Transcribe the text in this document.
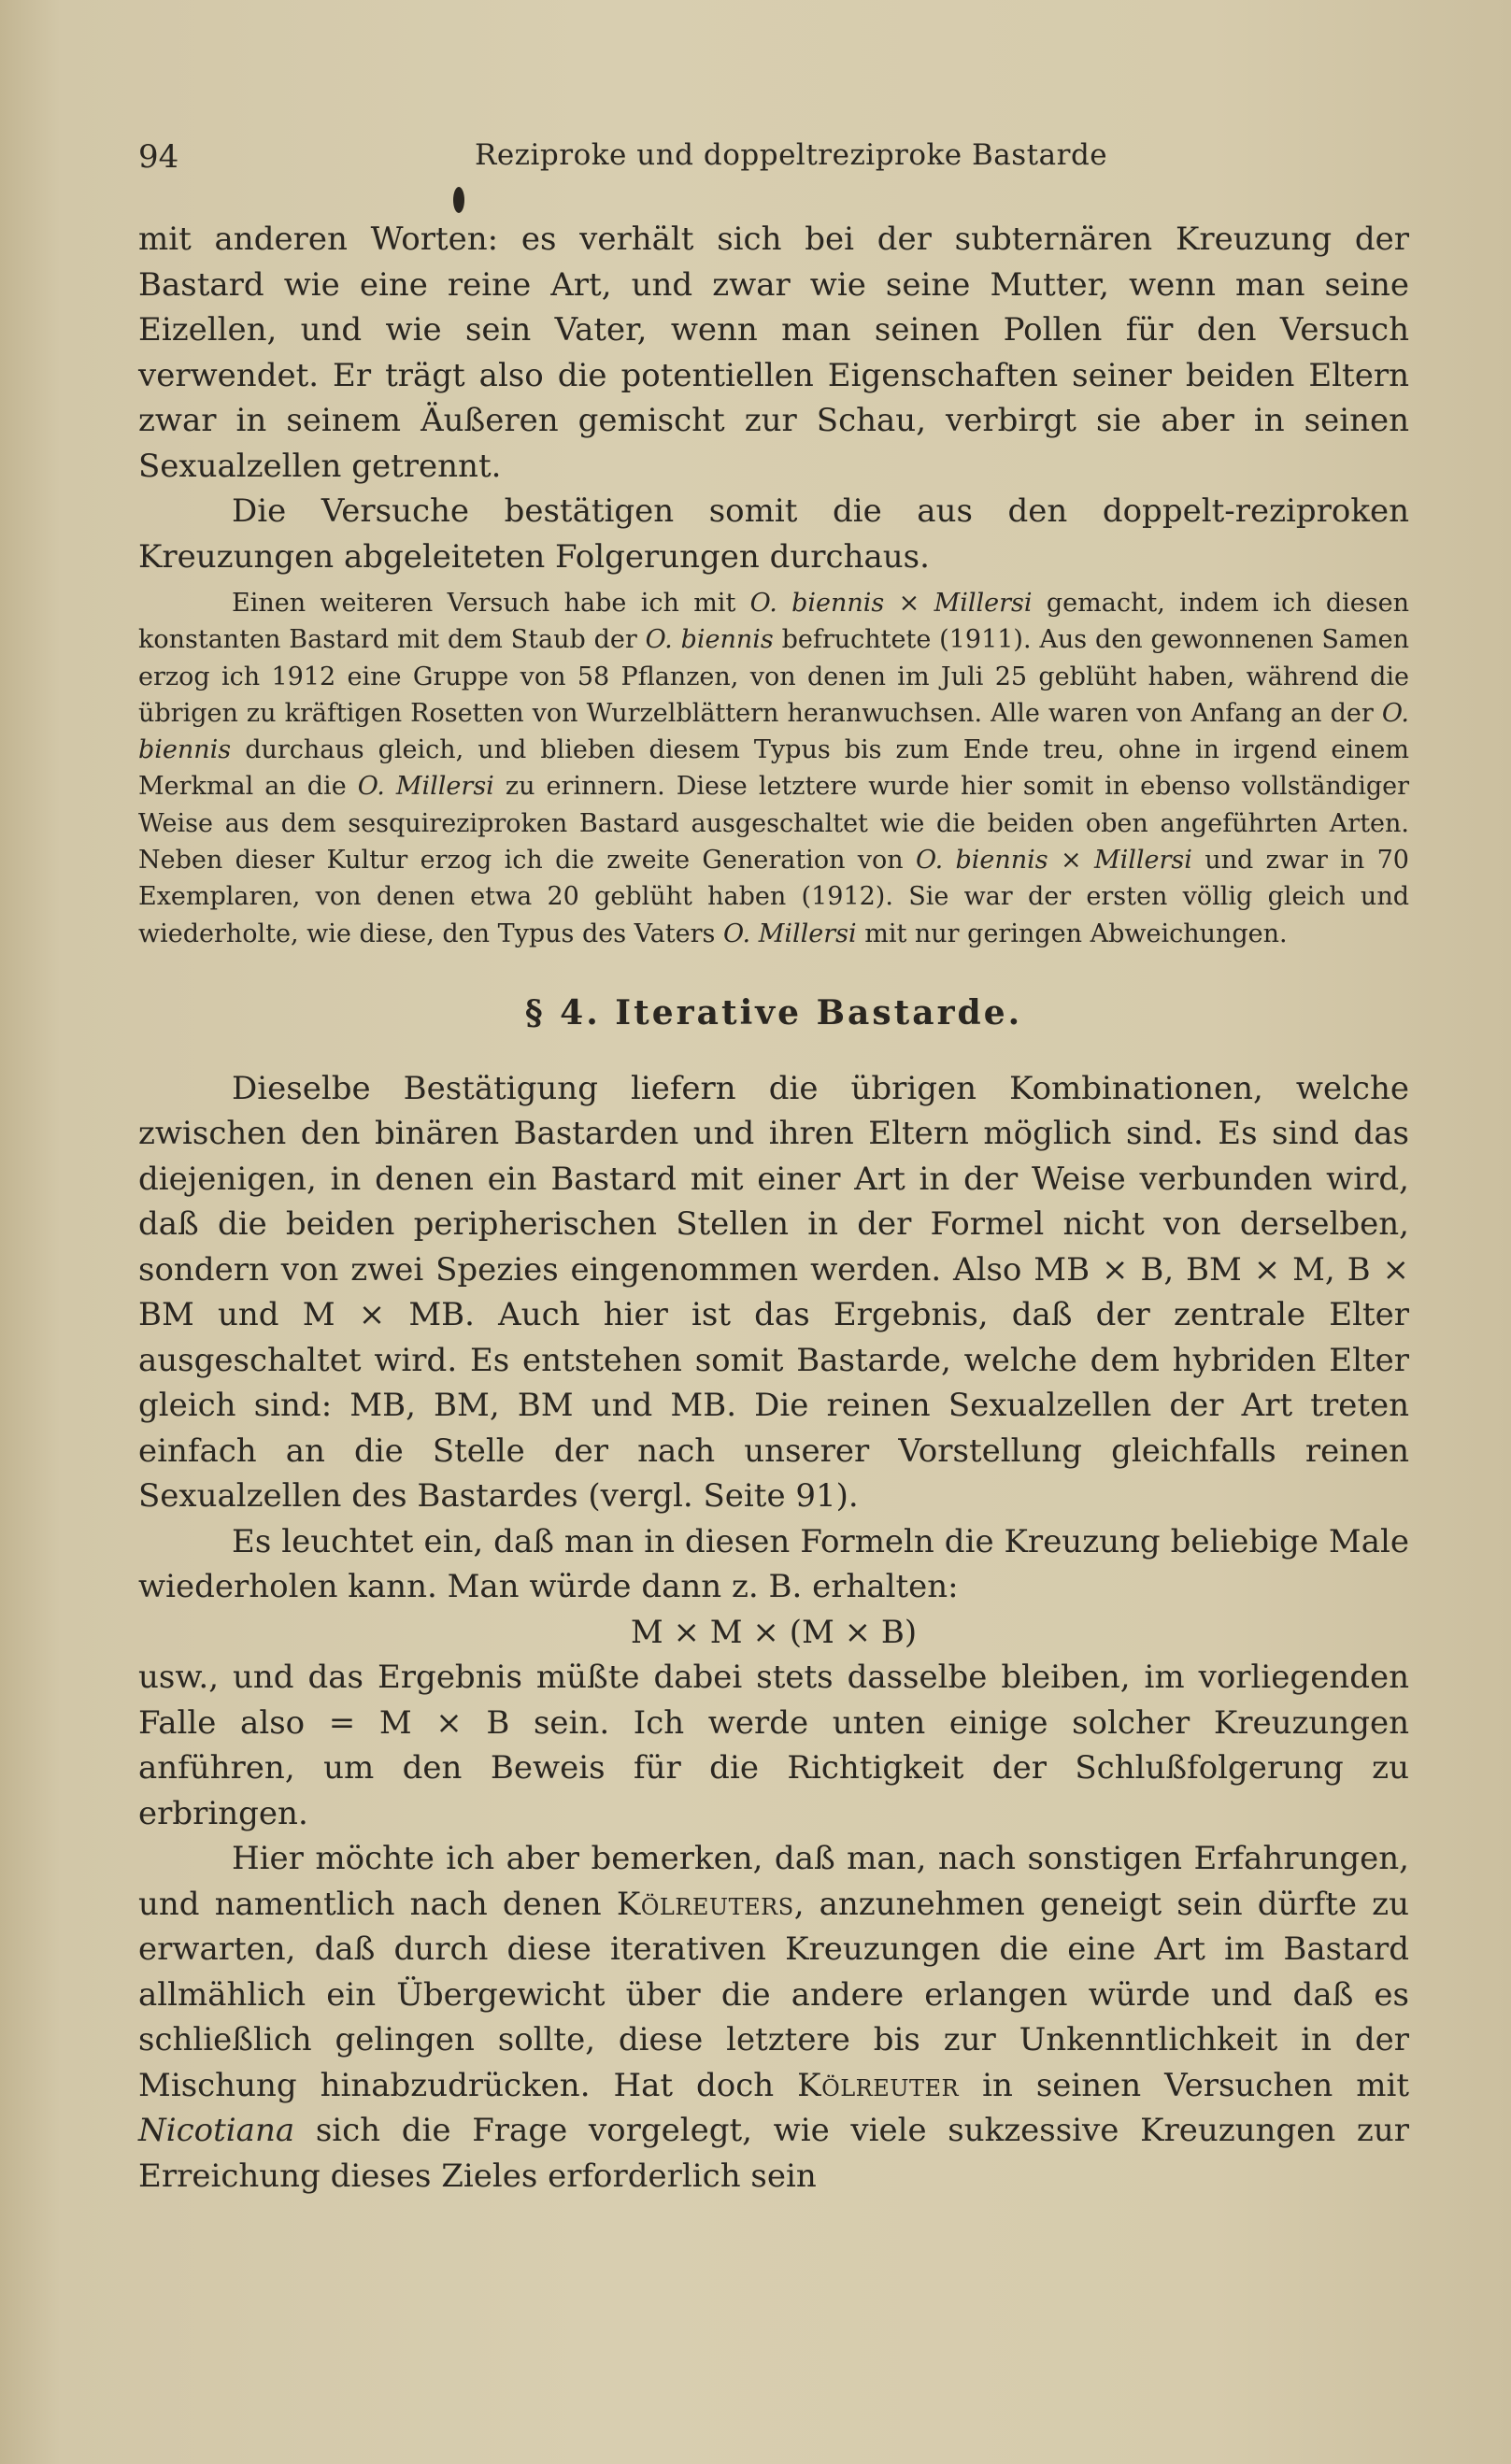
94	Reziproke und doppeltreziproke Bastarde

mit anderen Worten: es verhält sich bei der subternären Kreuzung der Bastard wie eine reine Art, und zwar wie seine Mutter, wenn man seine Eizellen, und wie sein Vater, wenn man seinen Pollen für den Versuch verwendet. Er trägt also die potentiellen Eigenschaften seiner beiden Eltern zwar in seinem Äußeren gemischt zur Schau, verbirgt sie aber in seinen Sexualzellen getrennt.

Die Versuche bestätigen somit die aus den doppelt-reziproken Kreuzungen abgeleiteten Folgerungen durchaus.

Einen weiteren Versuch habe ich mit O. biennis × Millersi gemacht, indem ich diesen konstanten Bastard mit dem Staub der O. biennis befruchtete (1911). Aus den gewonnenen Samen erzog ich 1912 eine Gruppe von 58 Pflanzen, von denen im Juli 25 geblüht haben, während die übrigen zu kräftigen Rosetten von Wurzelblättern heranwuchsen. Alle waren von Anfang an der O. biennis durchaus gleich, und blieben diesem Typus bis zum Ende treu, ohne in irgend einem Merkmal an die O. Millersi zu erinnern. Diese letztere wurde hier somit in ebenso vollständiger Weise aus dem sesquireziproken Bastard ausgeschaltet wie die beiden oben angeführten Arten. Neben dieser Kultur erzog ich die zweite Generation von O. biennis × Millersi und zwar in 70 Exemplaren, von denen etwa 20 geblüht haben (1912). Sie war der ersten völlig gleich und wiederholte, wie diese, den Typus des Vaters O. Millersi mit nur geringen Abweichungen.

§ 4. Iterative Bastarde.

Dieselbe Bestätigung liefern die übrigen Kombinationen, welche zwischen den binären Bastarden und ihren Eltern möglich sind. Es sind das diejenigen, in denen ein Bastard mit einer Art in der Weise verbunden wird, daß die beiden peripherischen Stellen in der Formel nicht von derselben, sondern von zwei Spezies eingenommen werden. Also MB × B, BM × M, B × BM und M × MB. Auch hier ist das Ergebnis, daß der zentrale Elter ausgeschaltet wird. Es entstehen somit Bastarde, welche dem hybriden Elter gleich sind: MB, BM, BM und MB. Die reinen Sexualzellen der Art treten einfach an die Stelle der nach unserer Vorstellung gleichfalls reinen Sexualzellen des Bastardes (vergl. Seite 91).

Es leuchtet ein, daß man in diesen Formeln die Kreuzung beliebige Male wiederholen kann. Man würde dann z. B. erhalten:

M × M × (M × B)

usw., und das Ergebnis müßte dabei stets dasselbe bleiben, im vorliegenden Falle also = M × B sein. Ich werde unten einige solcher Kreuzungen anführen, um den Beweis für die Richtigkeit der Schlußfolgerung zu erbringen.

Hier möchte ich aber bemerken, daß man, nach sonstigen Erfahrungen, und namentlich nach denen Kölreuters, anzunehmen geneigt sein dürfte zu erwarten, daß durch diese iterativen Kreuzungen die eine Art im Bastard allmählich ein Übergewicht über die andere erlangen würde und daß es schließlich gelingen sollte, diese letztere bis zur Unkenntlichkeit in der Mischung hinabzudrücken. Hat doch Kölreuter in seinen Versuchen mit Nicotiana sich die Frage vorgelegt, wie viele sukzessive Kreuzungen zur Erreichung dieses Zieles erforderlich sein
